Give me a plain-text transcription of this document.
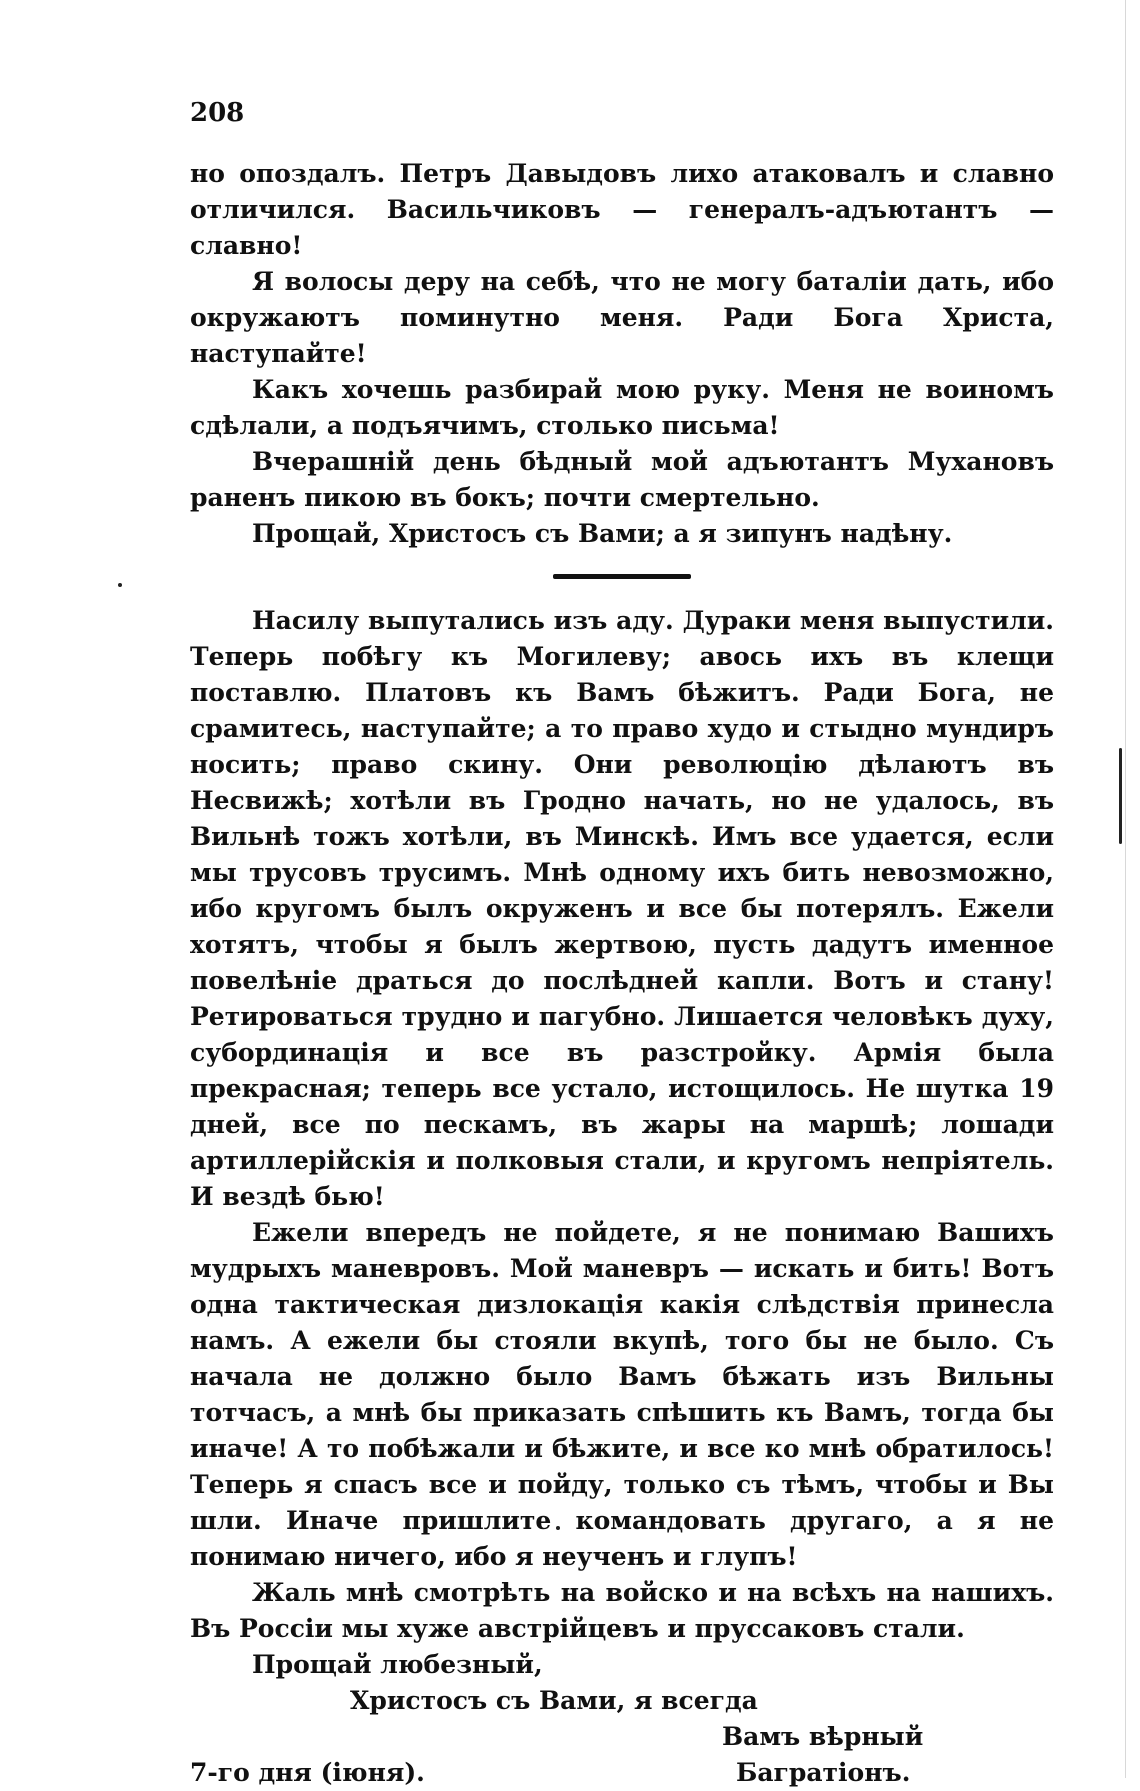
208

но опоздалъ. Петръ Давыдовъ лихо атаковалъ и славно отличился. Васильчиковъ — генералъ-адъютантъ — славно!

Я волосы деру на себѣ, что не могу баталіи дать, ибо окружаютъ поминутно меня. Ради Бога Христа, наступайте!

Какъ хочешь разбирай мою руку. Меня не воиномъ сдѣлали, а подъячимъ, столько письма!

Вчерашній день бѣдный мой адъютантъ Мухановъ раненъ пикою въ бокъ; почти смертельно.

Прощай, Христосъ съ Вами; а я зипунъ надѣну.

Насилу выпутались изъ аду. Дураки меня выпустили. Теперь побѣгу къ Могилеву; авось ихъ въ клещи поставлю. Платовъ къ Вамъ бѣжитъ. Ради Бога, не срамитесь, наступайте; а то право худо и стыдно мундиръ носить; право скину. Они революцію дѣлаютъ въ Несвижѣ; хотѣли въ Гродно начать, но не удалось, въ Вильнѣ тожъ хотѣли, въ Минскѣ. Имъ все удается, если мы трусовъ трусимъ. Мнѣ одному ихъ бить невозможно, ибо кругомъ былъ окруженъ и все бы потерялъ. Ежели хотятъ, чтобы я былъ жертвою, пусть дадутъ именное повелѣніе драться до послѣдней капли. Вотъ и стану! Ретироваться трудно и пагубно. Лишается человѣкъ духу, субординація и все въ разстройку. Армія была прекрасная; теперь все устало, истощилось. Не шутка 19 дней, все по пескамъ, въ жары на маршѣ; лошади артиллерійскія и полковыя стали, и кругомъ непріятель. И вездѣ бью!

Ежели впередъ не пойдете, я не понимаю Вашихъ мудрыхъ маневровъ. Мой маневръ — искать и бить! Вотъ одна тактическая дизлокація какія слѣдствія принесла намъ. А ежели бы стояли вкупѣ, того бы не было. Съ начала не должно было Вамъ бѣжать изъ Вильны тотчасъ, а мнѣ бы приказать спѣшить къ Вамъ, тогда бы иначе! А то побѣжали и бѣжите, и все ко мнѣ обратилось! Теперь я спасъ все и пойду, только съ тѣмъ, чтобы и Вы шли. Иначе пришлите командовать другаго, а я не понимаю ничего, ибо я неученъ и глупъ!

Жаль мнѣ смотрѣть на войско и на всѣхъ на нашихъ. Въ Россіи мы хуже австрійцевъ и пруссаковъ стали.

Прощай любезный,
Христосъ съ Вами, я всегда
Вамъ вѣрный
7-го дня (іюня).	Багратіонъ.
